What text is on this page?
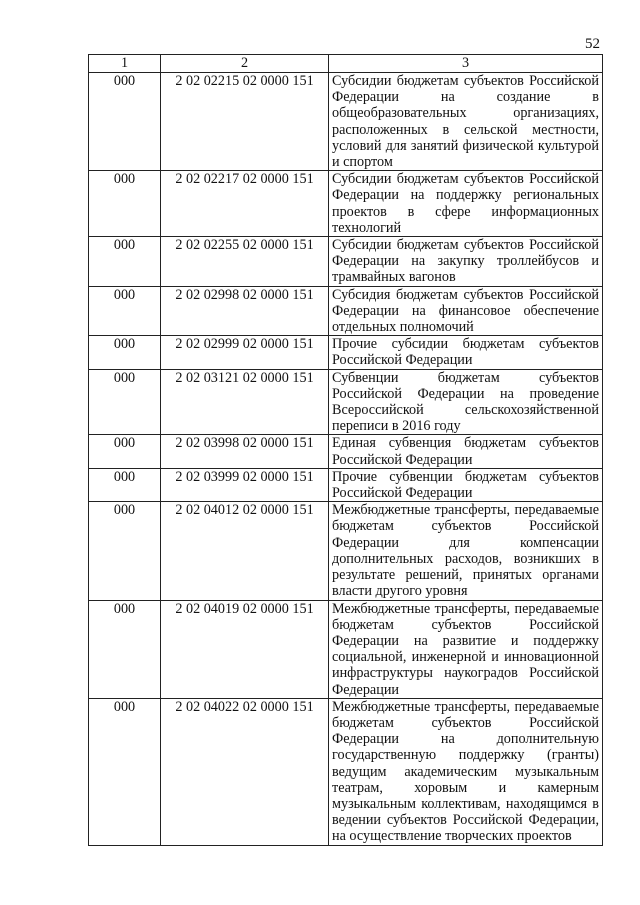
52
1	2	3
000	2 02 02215 02 0000 151	Субсидии бюджетам субъектов Российской Федерации на создание в общеобразовательных организациях, расположенных в сельской местности, условий для занятий физической культурой и спортом
000	2 02 02217 02 0000 151	Субсидии бюджетам субъектов Российской Федерации на поддержку региональных проектов в сфере информационных технологий
000	2 02 02255 02 0000 151	Субсидии бюджетам субъектов Российской Федерации на закупку троллейбусов и трамвайных вагонов
000	2 02 02998 02 0000 151	Субсидия бюджетам субъектов Российской Федерации на финансовое обеспечение отдельных полномочий
000	2 02 02999 02 0000 151	Прочие субсидии бюджетам субъектов Российской Федерации
000	2 02 03121 02 0000 151	Субвенции бюджетам субъектов Российской Федерации на проведение Всероссийской сельскохозяйственной переписи в 2016 году
000	2 02 03998 02 0000 151	Единая субвенция бюджетам субъектов Российской Федерации
000	2 02 03999 02 0000 151	Прочие субвенции бюджетам субъектов Российской Федерации
000	2 02 04012 02 0000 151	Межбюджетные трансферты, передаваемые бюджетам субъектов Российской Федерации для компенсации дополнительных расходов, возникших в результате решений, принятых органами власти другого уровня
000	2 02 04019 02 0000 151	Межбюджетные трансферты, передаваемые бюджетам субъектов Российской Федерации на развитие и поддержку социальной, инженерной и инновационной инфраструктуры наукоградов Российской Федерации
000	2 02 04022 02 0000 151	Межбюджетные трансферты, передаваемые бюджетам субъектов Российской Федерации на дополнительную государственную поддержку (гранты) ведущим академическим музыкальным театрам, хоровым и камерным музыкальным коллективам, находящимся в ведении субъектов Российской Федерации, на осуществление творческих проектов
